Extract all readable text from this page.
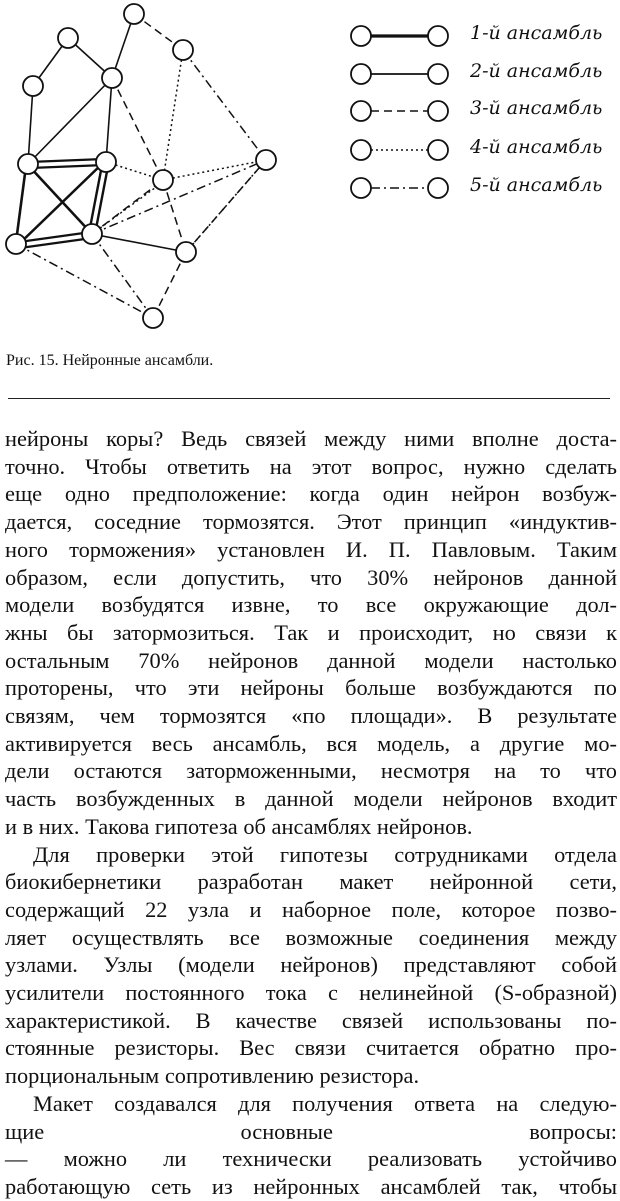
1-й ансамбль
2-й ансамбль
3-й ансамбль
4-й ансамбль
5-й ансамбль
Рис. 15. Нейронные ансамбли.
нейроны коры? Ведь связей между ними вполне доста-
точно. Чтобы ответить на этот вопрос, нужно сделать
еще одно предположение: когда один нейрон возбуж-
дается, соседние тормозятся. Этот принцип «индуктив-
ного торможения» установлен И. П. Павловым. Таким
образом, если допустить, что 30% нейронов данной
модели возбудятся извне, то все окружающие дол-
жны бы затормозиться. Так и происходит, но связи к
остальным 70% нейронов данной модели настолько
проторены, что эти нейроны больше возбуждаются по
связям, чем тормозятся «по площади». В результате
активируется весь ансамбль, вся модель, а другие мо-
дели остаются заторможенными, несмотря на то что
часть возбужденных в данной модели нейронов входит
и в них. Такова гипотеза об ансамблях нейронов.
Для проверки этой гипотезы сотрудниками отдела
биокибернетики разработан макет нейронной сети,
содержащий 22 узла и наборное поле, которое позво-
ляет осуществлять все возможные соединения между
узлами. Узлы (модели нейронов) представляют собой
усилители постоянного тока с нелинейной (S-образной)
характеристикой. В качестве связей использованы по-
стоянные резисторы. Вес связи считается обратно про-
порциональным сопротивлению резистора.
Макет создавался для получения ответа на следую-
щие основные вопросы:
— можно ли технически реализовать устойчиво
работающую сеть из нейронных ансамблей так, чтобы
